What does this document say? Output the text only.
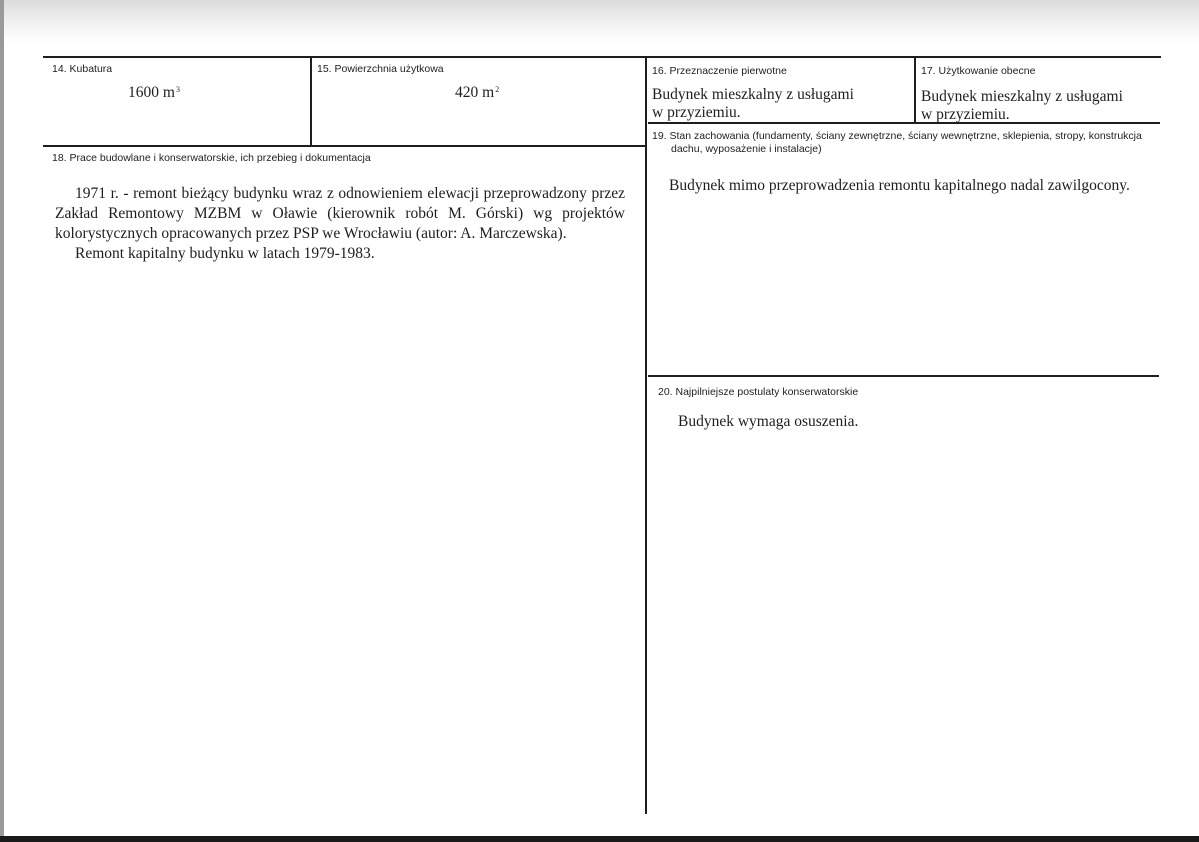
14. Kubatura
1600 $m^3$
15. Powierzchnia użytkowa
420 $m^2$
16. Przeznaczenie pierwotne
Budynek mieszkalny z usługami
w przyziemiu.
17. Użytkowanie obecne
Budynek mieszkalny z usługami
w przyziemiu.
18. Prace budowlane i konserwatorskie, ich przebieg i dokumentacja

1971 r. - remont bieżący budynku wraz z odnowieniem elewacji przeprowadzony przez Zakład Remontowy MZBM w Oławie (kierownik robót M. Górski) wg projektów kolorystycznych opracowanych przez PSP we Wrocławiu (autor: A. Marczewska).

Remont kapitalny budynku w latach 1979-1983.

19. Stan zachowania (fundamenty, ściany zewnętrzne, ściany wewnętrzne, sklepienia, stropy, konstrukcja
dachu, wyposażenie i instalacje)
Budynek mimo przeprowadzenia remontu kapitalnego nadal zawilgocony.
20. Najpilniejsze postulaty konserwatorskie
Budynek wymaga osuszenia.
